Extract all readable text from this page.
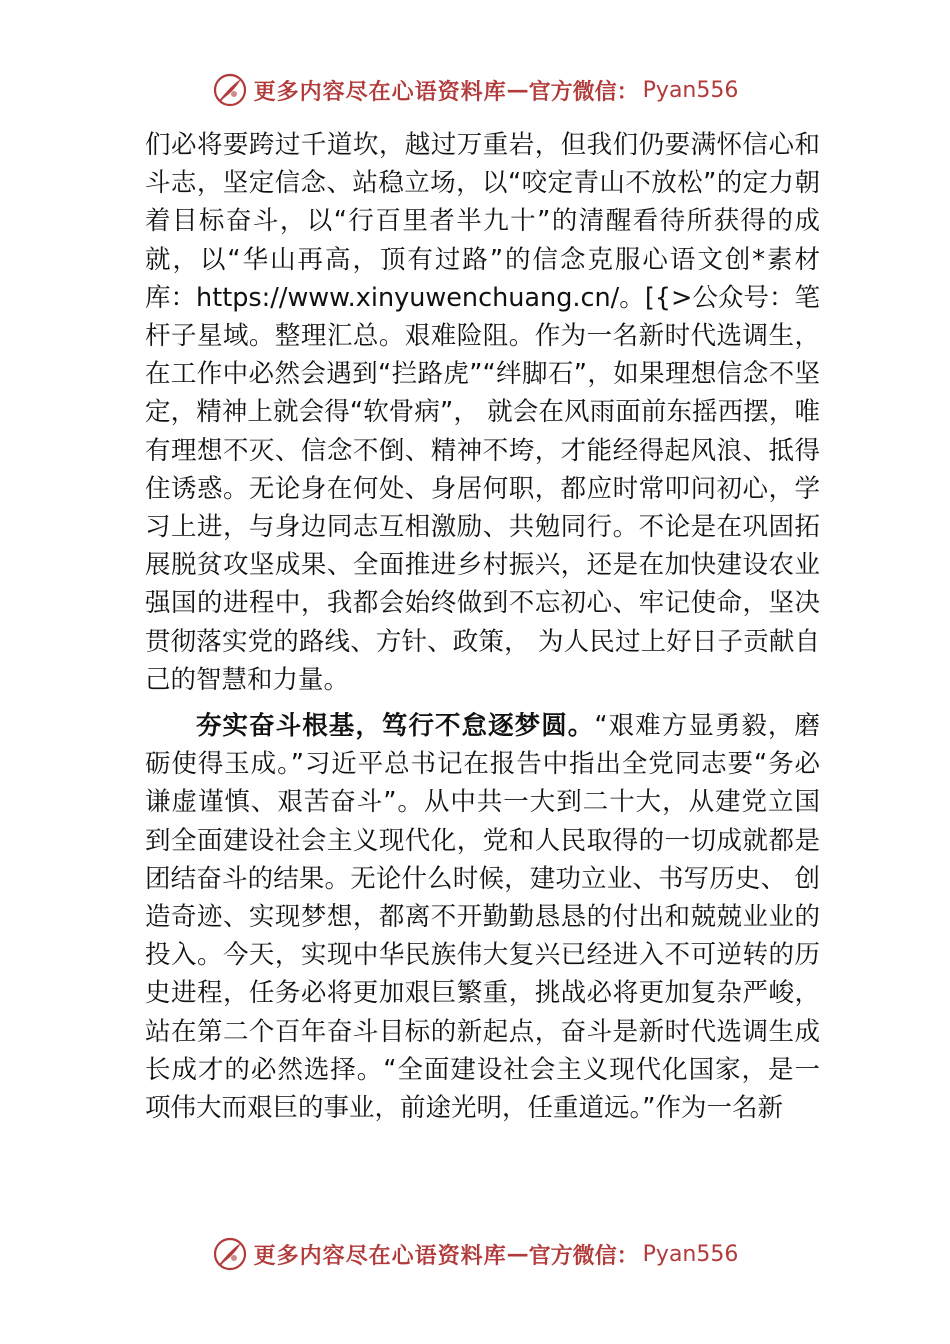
更多内容尽在心语资料库 — 官方微信： Pyan556

们必将要跨过千道坎，越过万重岩，但我们仍要满怀信心和斗志，坚定信念、站稳立场，以“咬定青山不放松”的定力朝着目标奋斗，以“行百里者半九十”的清醒看待所获得的成就，以“华山再高，顶有过路”的信念克服心语文创*素材库：https://www.xinyuwenchuang.cn/。[{>公众号：笔杆子星域。整理汇总。艰难险阻。作为一名新时代选调生，在工作中必然会遇到“拦路虎”“绊脚石”，如果理想信念不坚定，精神上就会得“软骨病”， 就会在风雨面前东摇西摆，唯有理想不灭、信念不倒、精神不垮，才能经得起风浪、抵得住诱惑。无论身在何处、身居何职，都应时常叩问初心，学习上进，与身边同志互相激励、共勉同行。不论是在巩固拓展脱贫攻坚成果、全面推进乡村振兴，还是在加快建设农业强国的进程中，我都会始终做到不忘初心、牢记使命，坚决贯彻落实党的路线、方针、政策， 为人民过上好日子贡献自己的智慧和力量。

夯实奋斗根基，笃行不怠逐梦圆。“艰难方显勇毅，磨砺使得玉成。”习近平总书记在报告中指出全党同志要“务必谦虚谨慎、艰苦奋斗”。从中共一大到二十大，从建党立国到全面建设社会主义现代化，党和人民取得的一切成就都是团结奋斗的结果。无论什么时候，建功立业、书写历史、 创造奇迹、实现梦想，都离不开勤勤恳恳的付出和兢兢业业的投入。今天，实现中华民族伟大复兴已经进入不可逆转的历史进程，任务必将更加艰巨繁重，挑战必将更加复杂严峻， 站在第二个百年奋斗目标的新起点，奋斗是新时代选调生成长成才的必然选择。“全面建设社会主义现代化国家，是一项伟大而艰巨的事业，前途光明，任重道远。”作为一名新

更多内容尽在心语资料库 — 官方微信： Pyan556
